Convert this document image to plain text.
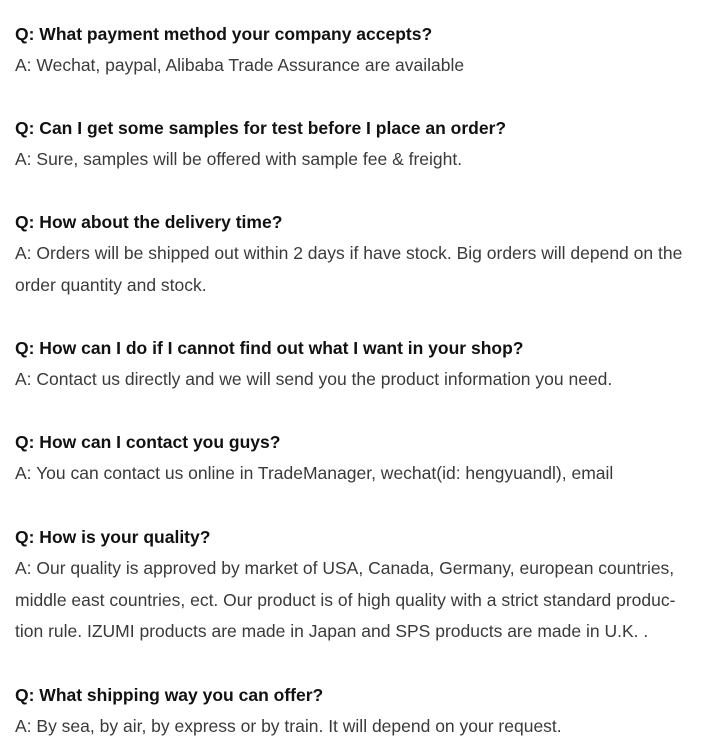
Q: What payment method your company accepts?
A: Wechat, paypal, Alibaba Trade Assurance are available
Q: Can I get some samples for test before I place an order?
A: Sure, samples will be offered with sample fee & freight.
Q: How about the delivery time?
A: Orders will be shipped out within 2 days if have stock. Big orders will depend on the
order quantity and stock.
Q: How can I do if I cannot find out what I want in your shop?
A: Contact us directly and we will send you the product information you need.
Q: How can I contact you guys?
A: You can contact us online in TradeManager, wechat(id: hengyuandl), email
Q: How is your quality?
A: Our quality is approved by market of USA, Canada, Germany, european countries,
middle east countries, ect. Our product is of high quality with a strict standard produc-
tion rule. IZUMI products are made in Japan and SPS products are made in U.K. .
Q: What shipping way you can offer?
A: By sea, by air, by express or by train. It will depend on your request.
